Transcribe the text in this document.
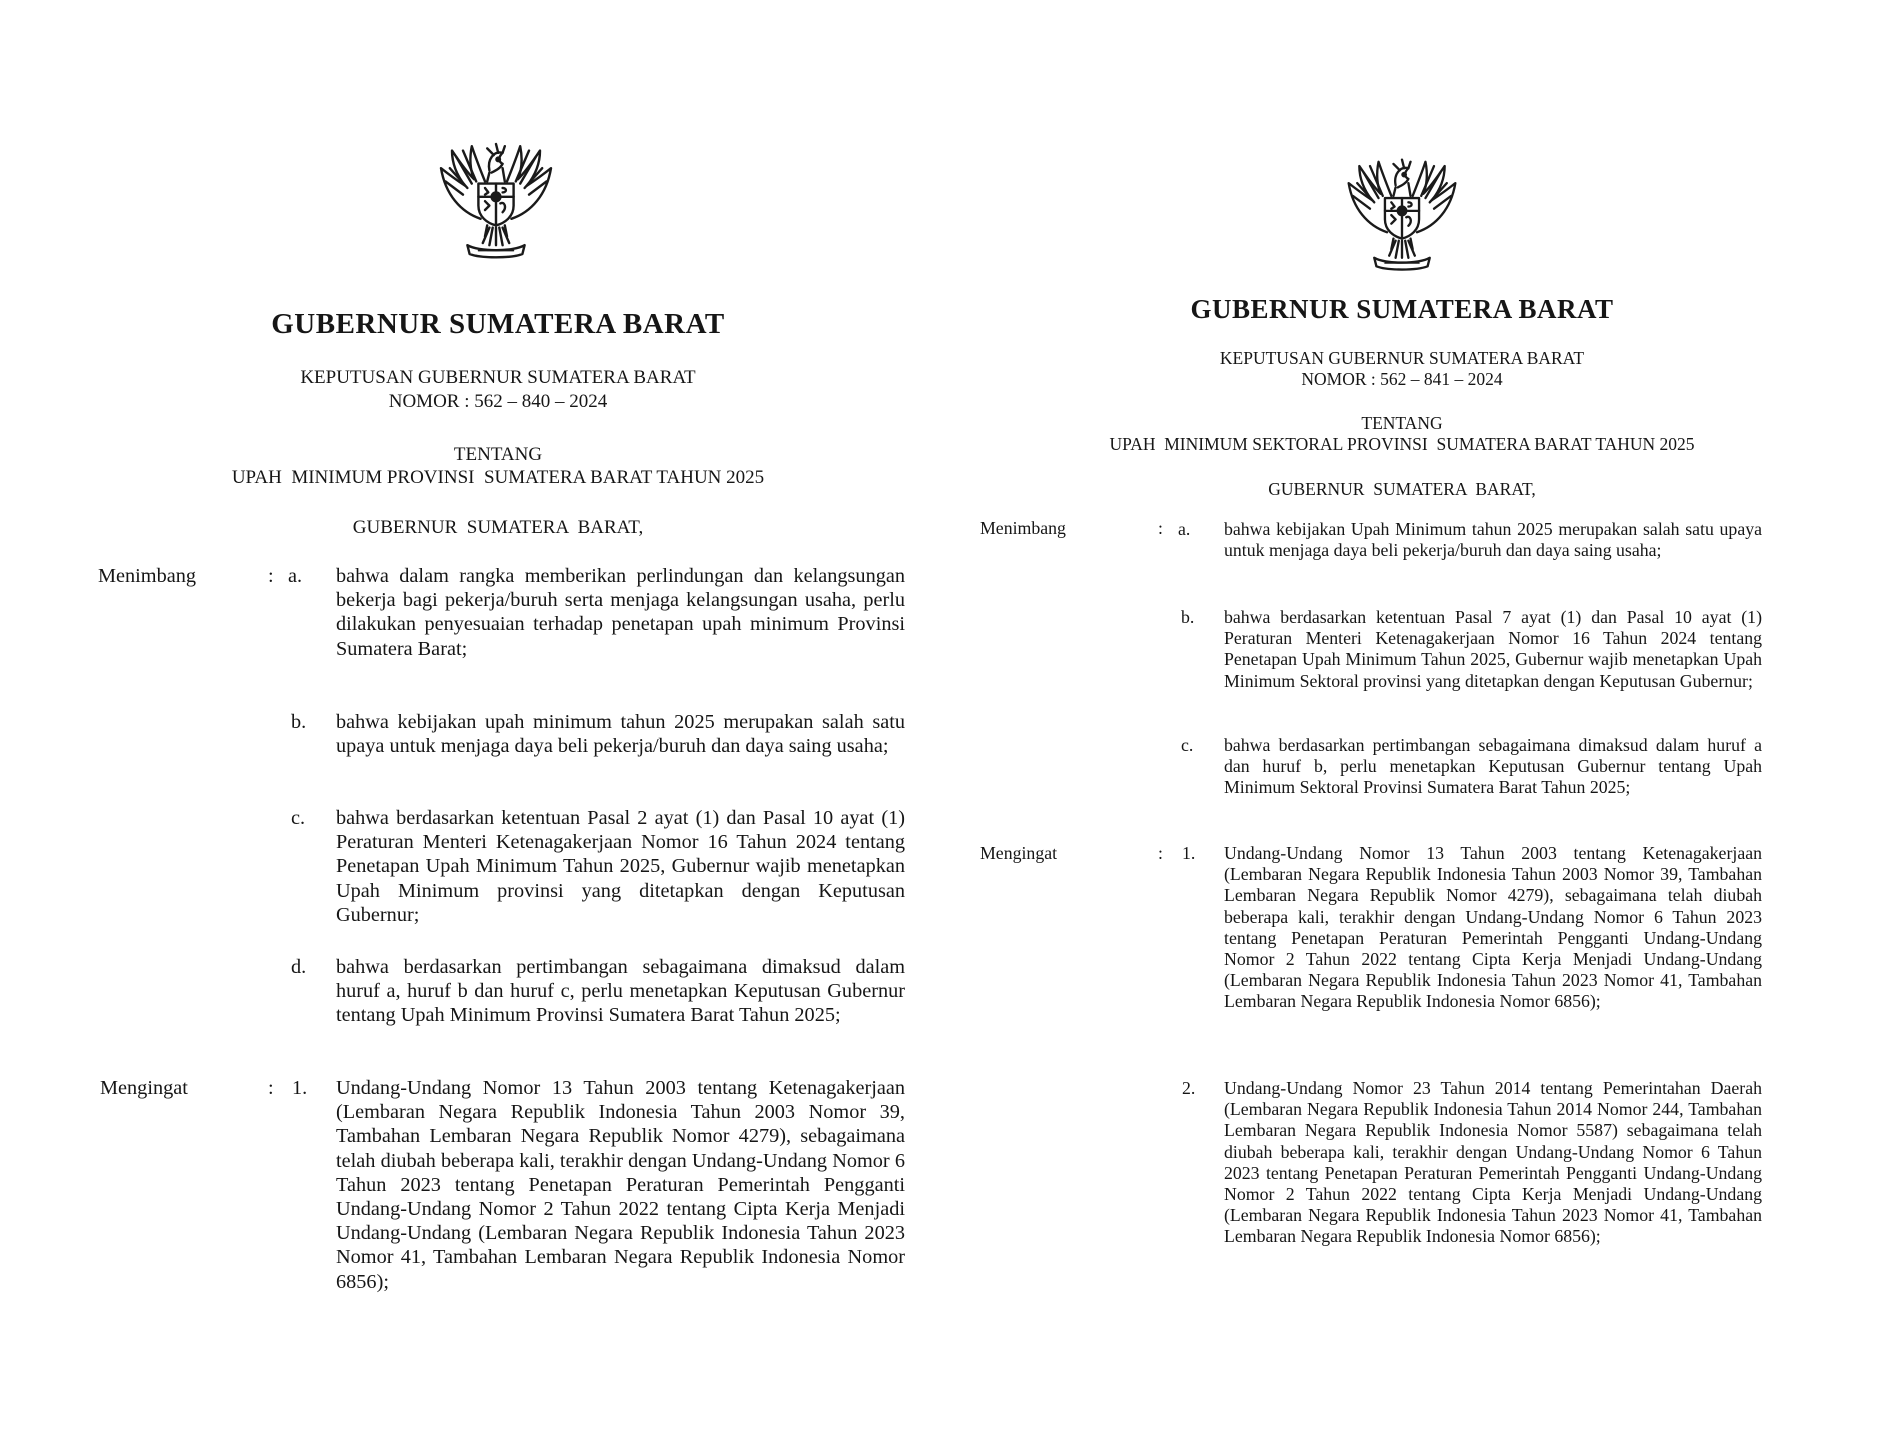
GUBERNUR SUMATERA BARAT
KEPUTUSAN GUBERNUR SUMATERA BARAT
NOMOR : 562 – 840 – 2024
TENTANG
UPAH  MINIMUM PROVINSI  SUMATERA BARAT TAHUN 2025
GUBERNUR  SUMATERA  BARAT,
Menimbang	: a. bahwa dalam rangka memberikan perlindungan dan kelangsungan bekerja bagi pekerja/buruh serta menjaga kelangsungan usaha, perlu dilakukan penyesuaian terhadap penetapan upah minimum Provinsi Sumatera Barat;
b. bahwa kebijakan upah minimum tahun 2025 merupakan salah satu upaya untuk menjaga daya beli pekerja/buruh dan daya saing usaha;
c. bahwa berdasarkan ketentuan Pasal 2 ayat (1) dan Pasal 10 ayat (1) Peraturan Menteri Ketenagakerjaan Nomor 16 Tahun 2024 tentang Penetapan Upah Minimum Tahun 2025, Gubernur wajib menetapkan Upah Minimum provinsi yang ditetapkan dengan Keputusan Gubernur;
d. bahwa berdasarkan pertimbangan sebagaimana dimaksud dalam huruf a, huruf b dan huruf c, perlu menetapkan Keputusan Gubernur tentang Upah Minimum Provinsi Sumatera Barat Tahun 2025;
Mengingat	: 1. Undang-Undang Nomor 13 Tahun 2003 tentang Ketenagakerjaan (Lembaran Negara Republik Indonesia Tahun 2003 Nomor 39, Tambahan Lembaran Negara Republik Nomor 4279), sebagaimana telah diubah beberapa kali, terakhir dengan Undang-Undang Nomor 6 Tahun 2023 tentang Penetapan Peraturan Pemerintah Pengganti Undang-Undang Nomor 2 Tahun 2022 tentang Cipta Kerja Menjadi Undang-Undang (Lembaran Negara Republik Indonesia Tahun 2023 Nomor 41, Tambahan Lembaran Negara Republik Indonesia Nomor 6856);
GUBERNUR SUMATERA BARAT
KEPUTUSAN GUBERNUR SUMATERA BARAT
NOMOR : 562 – 841 – 2024
TENTANG
UPAH  MINIMUM SEKTORAL PROVINSI  SUMATERA BARAT TAHUN 2025
GUBERNUR  SUMATERA  BARAT,
Menimbang	: a. bahwa kebijakan Upah Minimum tahun 2025 merupakan salah satu upaya untuk menjaga daya beli pekerja/buruh dan daya saing usaha;
b. bahwa berdasarkan ketentuan Pasal 7 ayat (1) dan Pasal 10 ayat (1) Peraturan Menteri Ketenagakerjaan Nomor 16 Tahun 2024 tentang Penetapan Upah Minimum Tahun 2025, Gubernur wajib menetapkan Upah Minimum Sektoral provinsi yang ditetapkan dengan Keputusan Gubernur;
c. bahwa berdasarkan pertimbangan sebagaimana dimaksud dalam huruf a dan huruf b, perlu menetapkan Keputusan Gubernur tentang Upah Minimum Sektoral Provinsi Sumatera Barat Tahun 2025;
Mengingat	: 1. Undang-Undang Nomor 13 Tahun 2003 tentang Ketenagakerjaan (Lembaran Negara Republik Indonesia Tahun 2003 Nomor 39, Tambahan Lembaran Negara Republik Nomor 4279), sebagaimana telah diubah beberapa kali, terakhir dengan Undang-Undang Nomor 6 Tahun 2023 tentang Penetapan Peraturan Pemerintah Pengganti Undang-Undang Nomor 2 Tahun 2022 tentang Cipta Kerja Menjadi Undang-Undang (Lembaran Negara Republik Indonesia Tahun 2023 Nomor 41, Tambahan Lembaran Negara Republik Indonesia Nomor 6856);
2. Undang-Undang Nomor 23 Tahun 2014 tentang Pemerintahan Daerah (Lembaran Negara Republik Indonesia Tahun 2014 Nomor 244, Tambahan Lembaran Negara Republik Indonesia Nomor 5587) sebagaimana telah diubah beberapa kali, terakhir dengan Undang-Undang Nomor 6 Tahun 2023 tentang Penetapan Peraturan Pemerintah Pengganti Undang-Undang Nomor 2 Tahun 2022 tentang Cipta Kerja Menjadi Undang-Undang (Lembaran Negara Republik Indonesia Tahun 2023 Nomor 41, Tambahan Lembaran Negara Republik Indonesia Nomor 6856);
